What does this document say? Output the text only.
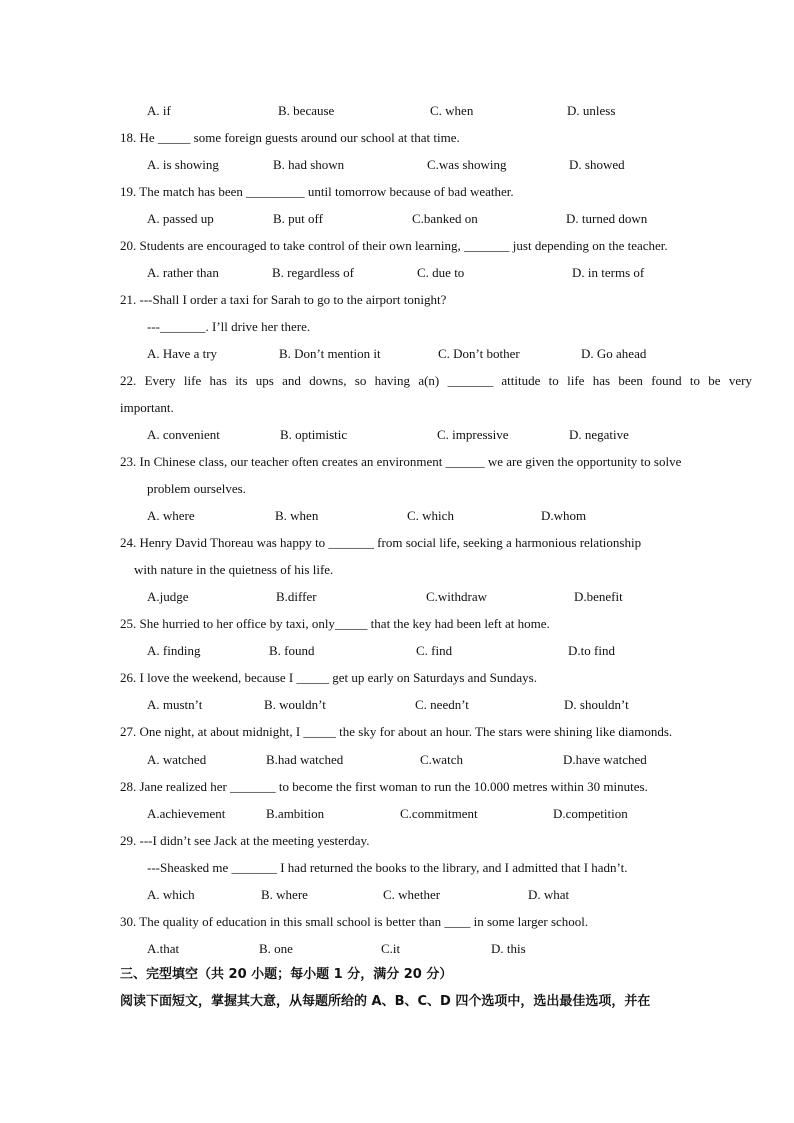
A. if	B. because	C. when	D. unless
18. He _____ some foreign guests around our school at that time.
A. is showing	B. had shown	C.was showing	D. showed
19. The match has been _________ until tomorrow because of bad weather.
A. passed up	B. put off	C.banked on	D. turned down
20. Students are encouraged to take control of their own learning, _______ just depending on the teacher.
A. rather than	B. regardless of	C. due to	D. in terms of
21. ---Shall I order a taxi for Sarah to go to the airport tonight?
---_______. I’ll drive her there.
A. Have a try	B. Don’t mention it	C. Don’t bother	D. Go ahead
22. Every life has its ups and downs, so having a(n) _______ attitude to life has been found to be very
important.
A. convenient	B. optimistic	C. impressive	D. negative
23. In Chinese class, our teacher often creates an environment ______ we are given the opportunity to solve
problem ourselves.
A. where	B. when	C. which	D.whom
24. Henry David Thoreau was happy to _______ from social life, seeking a harmonious relationship
with nature in the quietness of his life.
A.judge	B.differ	C.withdraw	D.benefit
25. She hurried to her office by taxi, only_____ that the key had been left at home.
A. finding	B. found	C. find	D.to find
26. I love the weekend, because I _____ get up early on Saturdays and Sundays.
A. mustn’t	B. wouldn’t	C. needn’t	D. shouldn’t
27. One night, at about midnight, I _____ the sky for about an hour. The stars were shining like diamonds.
A. watched	B.had watched	C.watch	D.have watched
28. Jane realized her _______ to become the first woman to run the 10.000 metres within 30 minutes.
A.achievement	B.ambition	C.commitment	D.competition
29. ---I didn’t see Jack at the meeting yesterday.
---Sheasked me _______ I had returned the books to the library, and I admitted that I hadn’t.
A. which	B. where	C. whether	D. what
30. The quality of education in this small school is better than ____ in some larger school.
A.that	B. one	C.it	D. this
三、完型填空（共 20 小题；每小题 1 分，满分 20 分）
阅读下面短文，掌握其大意，从每题所给的 A、B、C、D 四个选项中，选出最佳选项，并在
